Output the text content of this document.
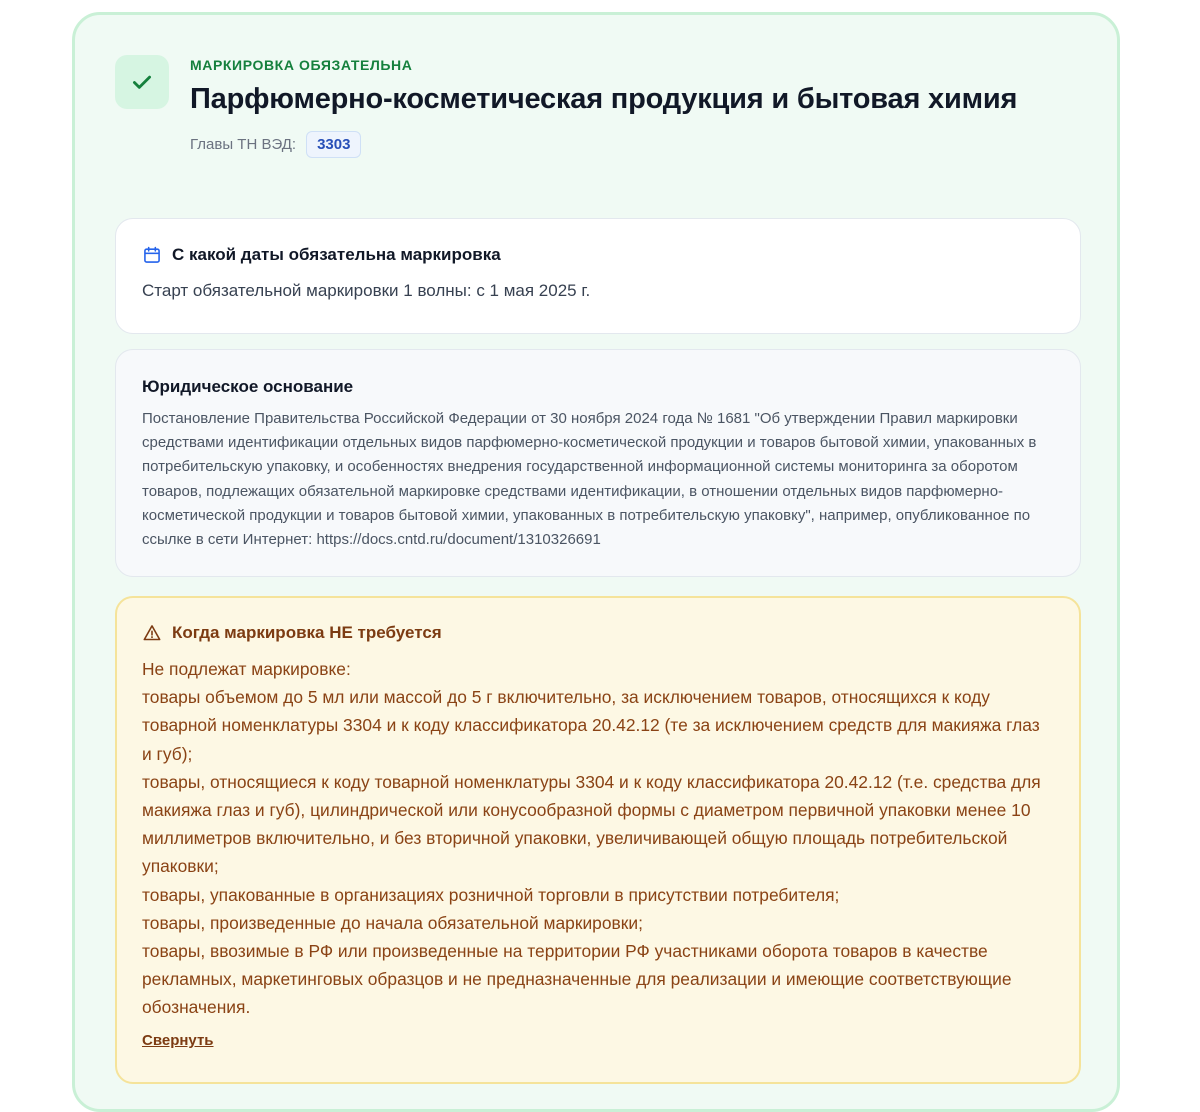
МАРКИРОВКА ОБЯЗАТЕЛЬНА
Парфюмерно-косметическая продукция и бытовая химия
Главы ТН ВЭД:	3303
С какой даты обязательна маркировка
Старт обязательной маркировки 1 волны: с 1 мая 2025 г.
Юридическое основание
Постановление Правительства Российской Федерации от 30 ноября 2024 года № 1681 "Об утверждении Правил маркировки средствами идентификации отдельных видов парфюмерно-косметической продукции и товаров бытовой химии, упакованных в потребительскую упаковку, и особенностях внедрения государственной информационной системы мониторинга за оборотом товаров, подлежащих обязательной маркировке средствами идентификации, в отношении отдельных видов парфюмерно-косметической продукции и товаров бытовой химии, упакованных в потребительскую упаковку", например, опубликованное по ссылке в сети Интернет: https://docs.cntd.ru/document/1310326691
Когда маркировка НЕ требуется
Не подлежат маркировке:
товары объемом до 5 мл или массой до 5 г включительно, за исключением товаров, относящихся к коду товарной номенклатуры 3304 и к коду классификатора 20.42.12 (те за исключением средств для макияжа глаз и губ);
товары, относящиеся к коду товарной номенклатуры 3304 и к коду классификатора 20.42.12 (т.е. средства для макияжа глаз и губ), цилиндрической или конусообразной формы с диаметром первичной упаковки менее 10 миллиметров включительно, и без вторичной упаковки, увеличивающей общую площадь потребительской упаковки;
товары, упакованные в организациях розничной торговли в присутствии потребителя;
товары, произведенные до начала обязательной маркировки;
товары, ввозимые в РФ или произведенные на территории РФ участниками оборота товаров в качестве рекламных, маркетинговых образцов и не предназначенные для реализации и имеющие соответствующие обозначения.
Свернуть
